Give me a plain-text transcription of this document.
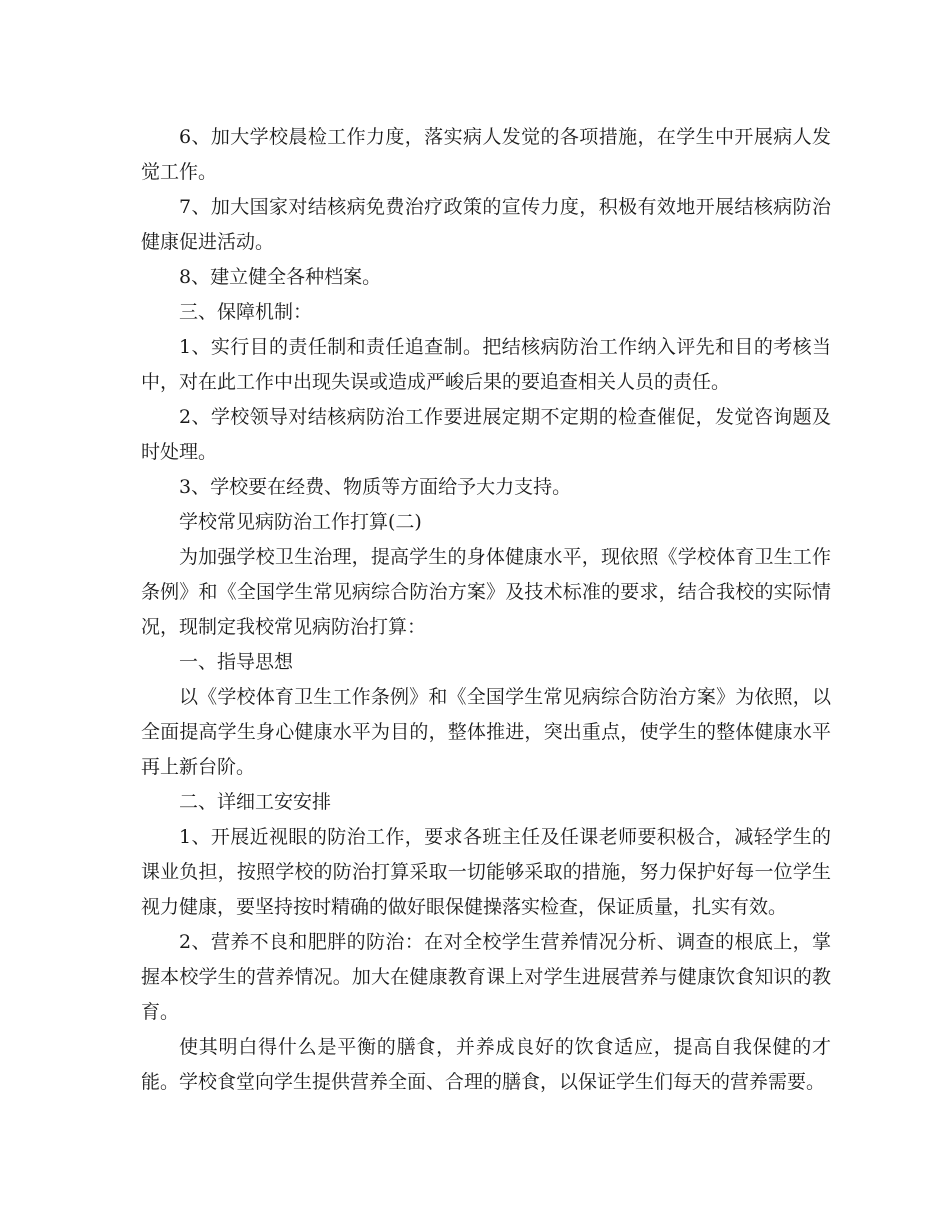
6、加大学校晨检工作力度，落实病人发觉的各项措施，在学生中开展病人发觉工作。

7、加大国家对结核病免费治疗政策的宣传力度，积极有效地开展结核病防治健康促进活动。

8、建立健全各种档案。

三、保障机制：

1、实行目的责任制和责任追查制。把结核病防治工作纳入评先和目的考核当中，对在此工作中出现失误或造成严峻后果的要追查相关人员的责任。

2、学校领导对结核病防治工作要进展定期不定期的检查催促，发觉咨询题及时处理。

3、学校要在经费、物质等方面给予大力支持。

学校常见病防治工作打算(二)

为加强学校卫生治理，提高学生的身体健康水平，现依照《学校体育卫生工作条例》和《全国学生常见病综合防治方案》及技术标准的要求，结合我校的实际情况，现制定我校常见病防治打算：

一、指导思想

以《学校体育卫生工作条例》和《全国学生常见病综合防治方案》为依照，以全面提高学生身心健康水平为目的，整体推进，突出重点，使学生的整体健康水平再上新台阶。

二、详细工安安排

1、开展近视眼的防治工作，要求各班主任及任课老师要积极合，减轻学生的课业负担，按照学校的防治打算采取一切能够采取的措施，努力保护好每一位学生视力健康，要坚持按时精确的做好眼保健操落实检查，保证质量，扎实有效。

2、营养不良和肥胖的防治：在对全校学生营养情况分析、调查的根底上，掌握本校学生的营养情况。加大在健康教育课上对学生进展营养与健康饮食知识的教育。

使其明白得什么是平衡的膳食，并养成良好的饮食适应，提高自我保健的才能。学校食堂向学生提供营养全面、合理的膳食，以保证学生们每天的营养需要。
